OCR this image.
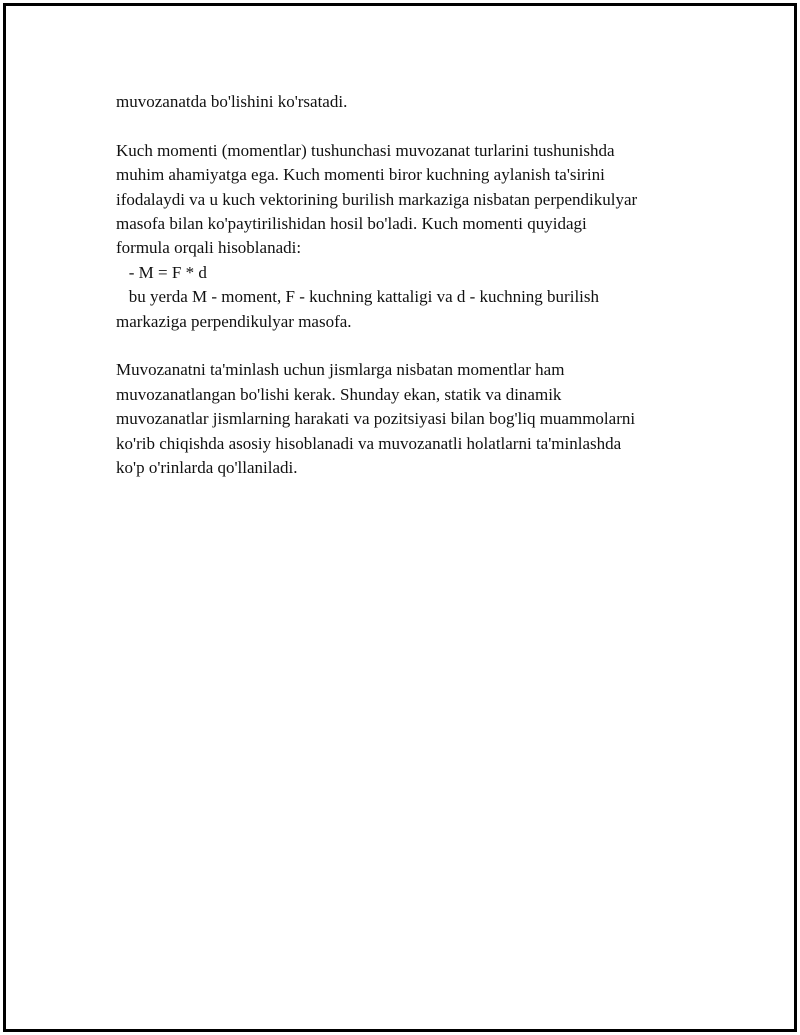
muvozanatda bo'lishini ko'rsatadi.
Kuch momenti (momentlar) tushunchasi muvozanat turlarini tushunishda
muhim ahamiyatga ega. Kuch momenti biror kuchning aylanish ta'sirini
ifodalaydi va u kuch vektorining burilish markaziga nisbatan perpendikulyar
masofa bilan ko'paytirilishidan hosil bo'ladi. Kuch momenti quyidagi
formula orqali hisoblanadi:
- M = F * d
bu yerda M - moment, F - kuchning kattaligi va d - kuchning burilish
markaziga perpendikulyar masofa.
Muvozanatni ta'minlash uchun jismlarga nisbatan momentlar ham
muvozanatlangan bo'lishi kerak. Shunday ekan, statik va dinamik
muvozanatlar jismlarning harakati va pozitsiyasi bilan bog'liq muammolarni
ko'rib chiqishda asosiy hisoblanadi va muvozanatli holatlarni ta'minlashda
ko'p o'rinlarda qo'llaniladi.
